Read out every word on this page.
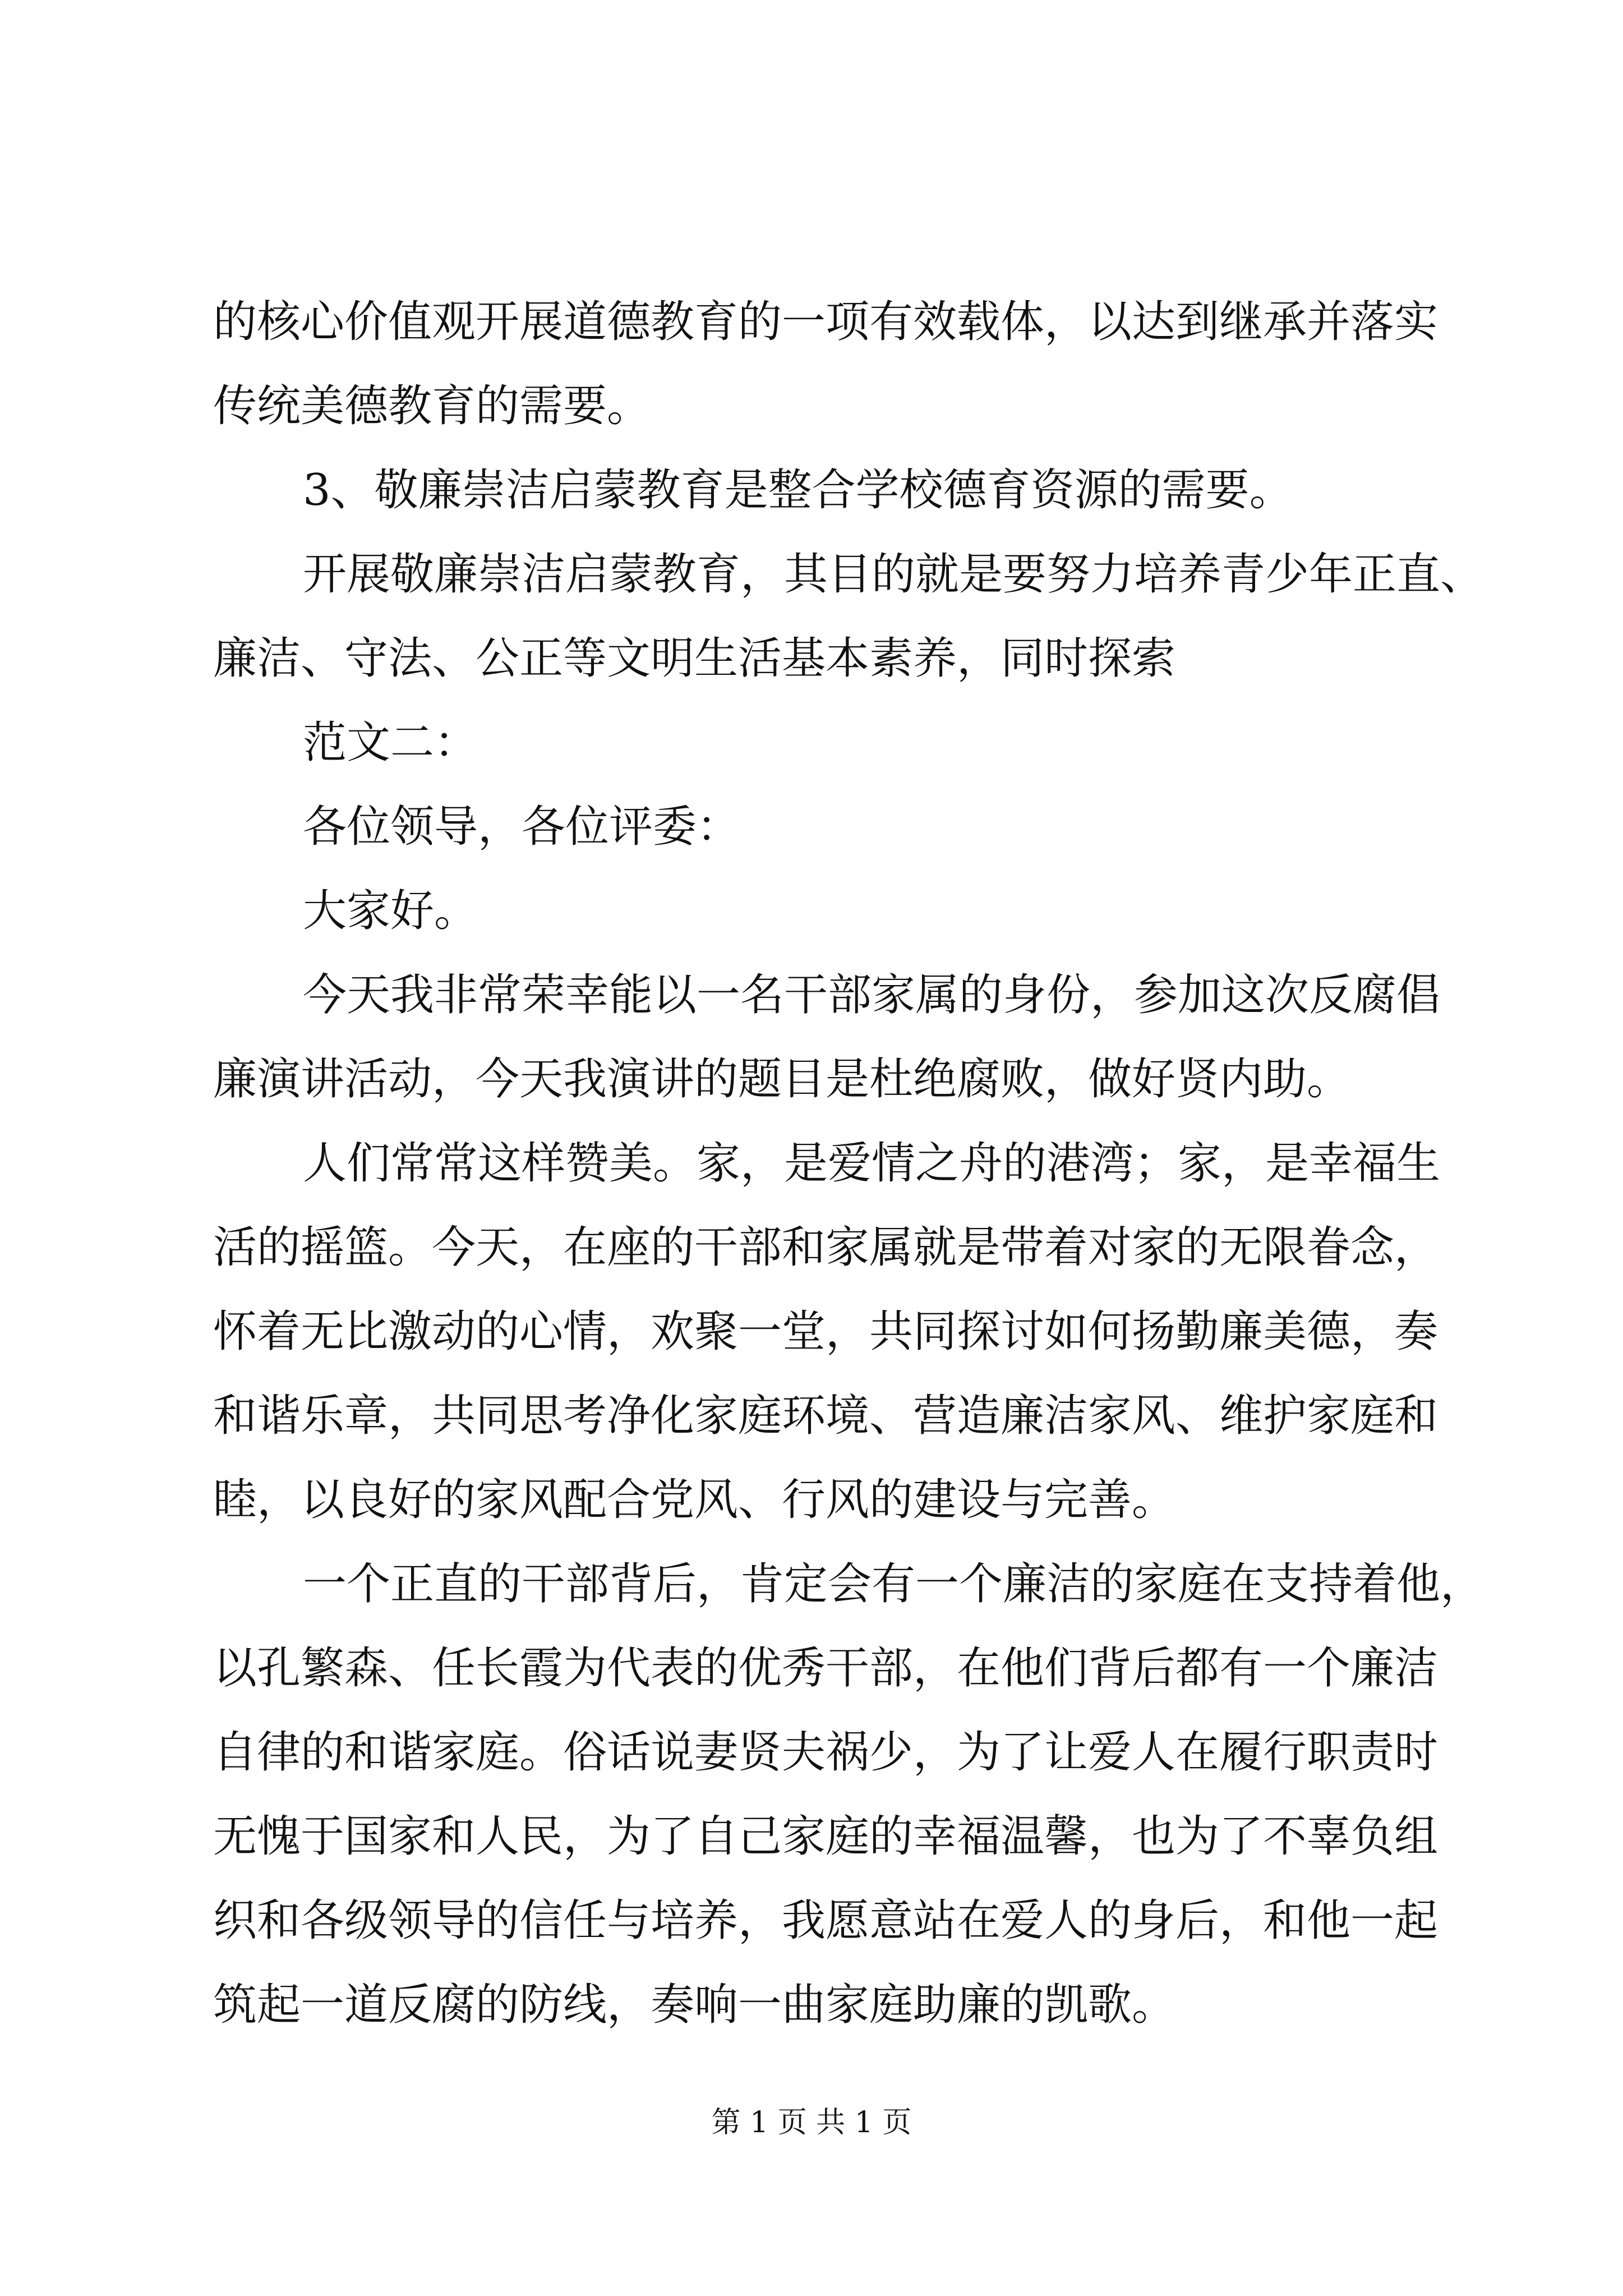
的核心价值观开展道德教育的一项有效载体，以达到继承并落实
传统美德教育的需要。
3、敬廉崇洁启蒙教育是整合学校德育资源的需要。
开展敬廉崇洁启蒙教育，其目的就是要努力培养青少年正直、
廉洁、守法、公正等文明生活基本素养，同时探索
范文二：
各位领导，各位评委：
大家好。
今天我非常荣幸能以一名干部家属的身份，参加这次反腐倡
廉演讲活动，今天我演讲的题目是杜绝腐败，做好贤内助。
人们常常这样赞美。家，是爱情之舟的港湾；家，是幸福生
活的摇篮。今天，在座的干部和家属就是带着对家的无限眷念，
怀着无比激动的心情，欢聚一堂，共同探讨如何扬勤廉美德，奏
和谐乐章，共同思考净化家庭环境、营造廉洁家风、维护家庭和
睦，以良好的家风配合党风、行风的建设与完善。
一个正直的干部背后，肯定会有一个廉洁的家庭在支持着他，
以孔繁森、任长霞为代表的优秀干部，在他们背后都有一个廉洁
自律的和谐家庭。俗话说妻贤夫祸少，为了让爱人在履行职责时
无愧于国家和人民，为了自己家庭的幸福温馨，也为了不辜负组
织和各级领导的信任与培养，我愿意站在爱人的身后，和他一起
筑起一道反腐的防线，奏响一曲家庭助廉的凯歌。
第 1 页 共 1 页
